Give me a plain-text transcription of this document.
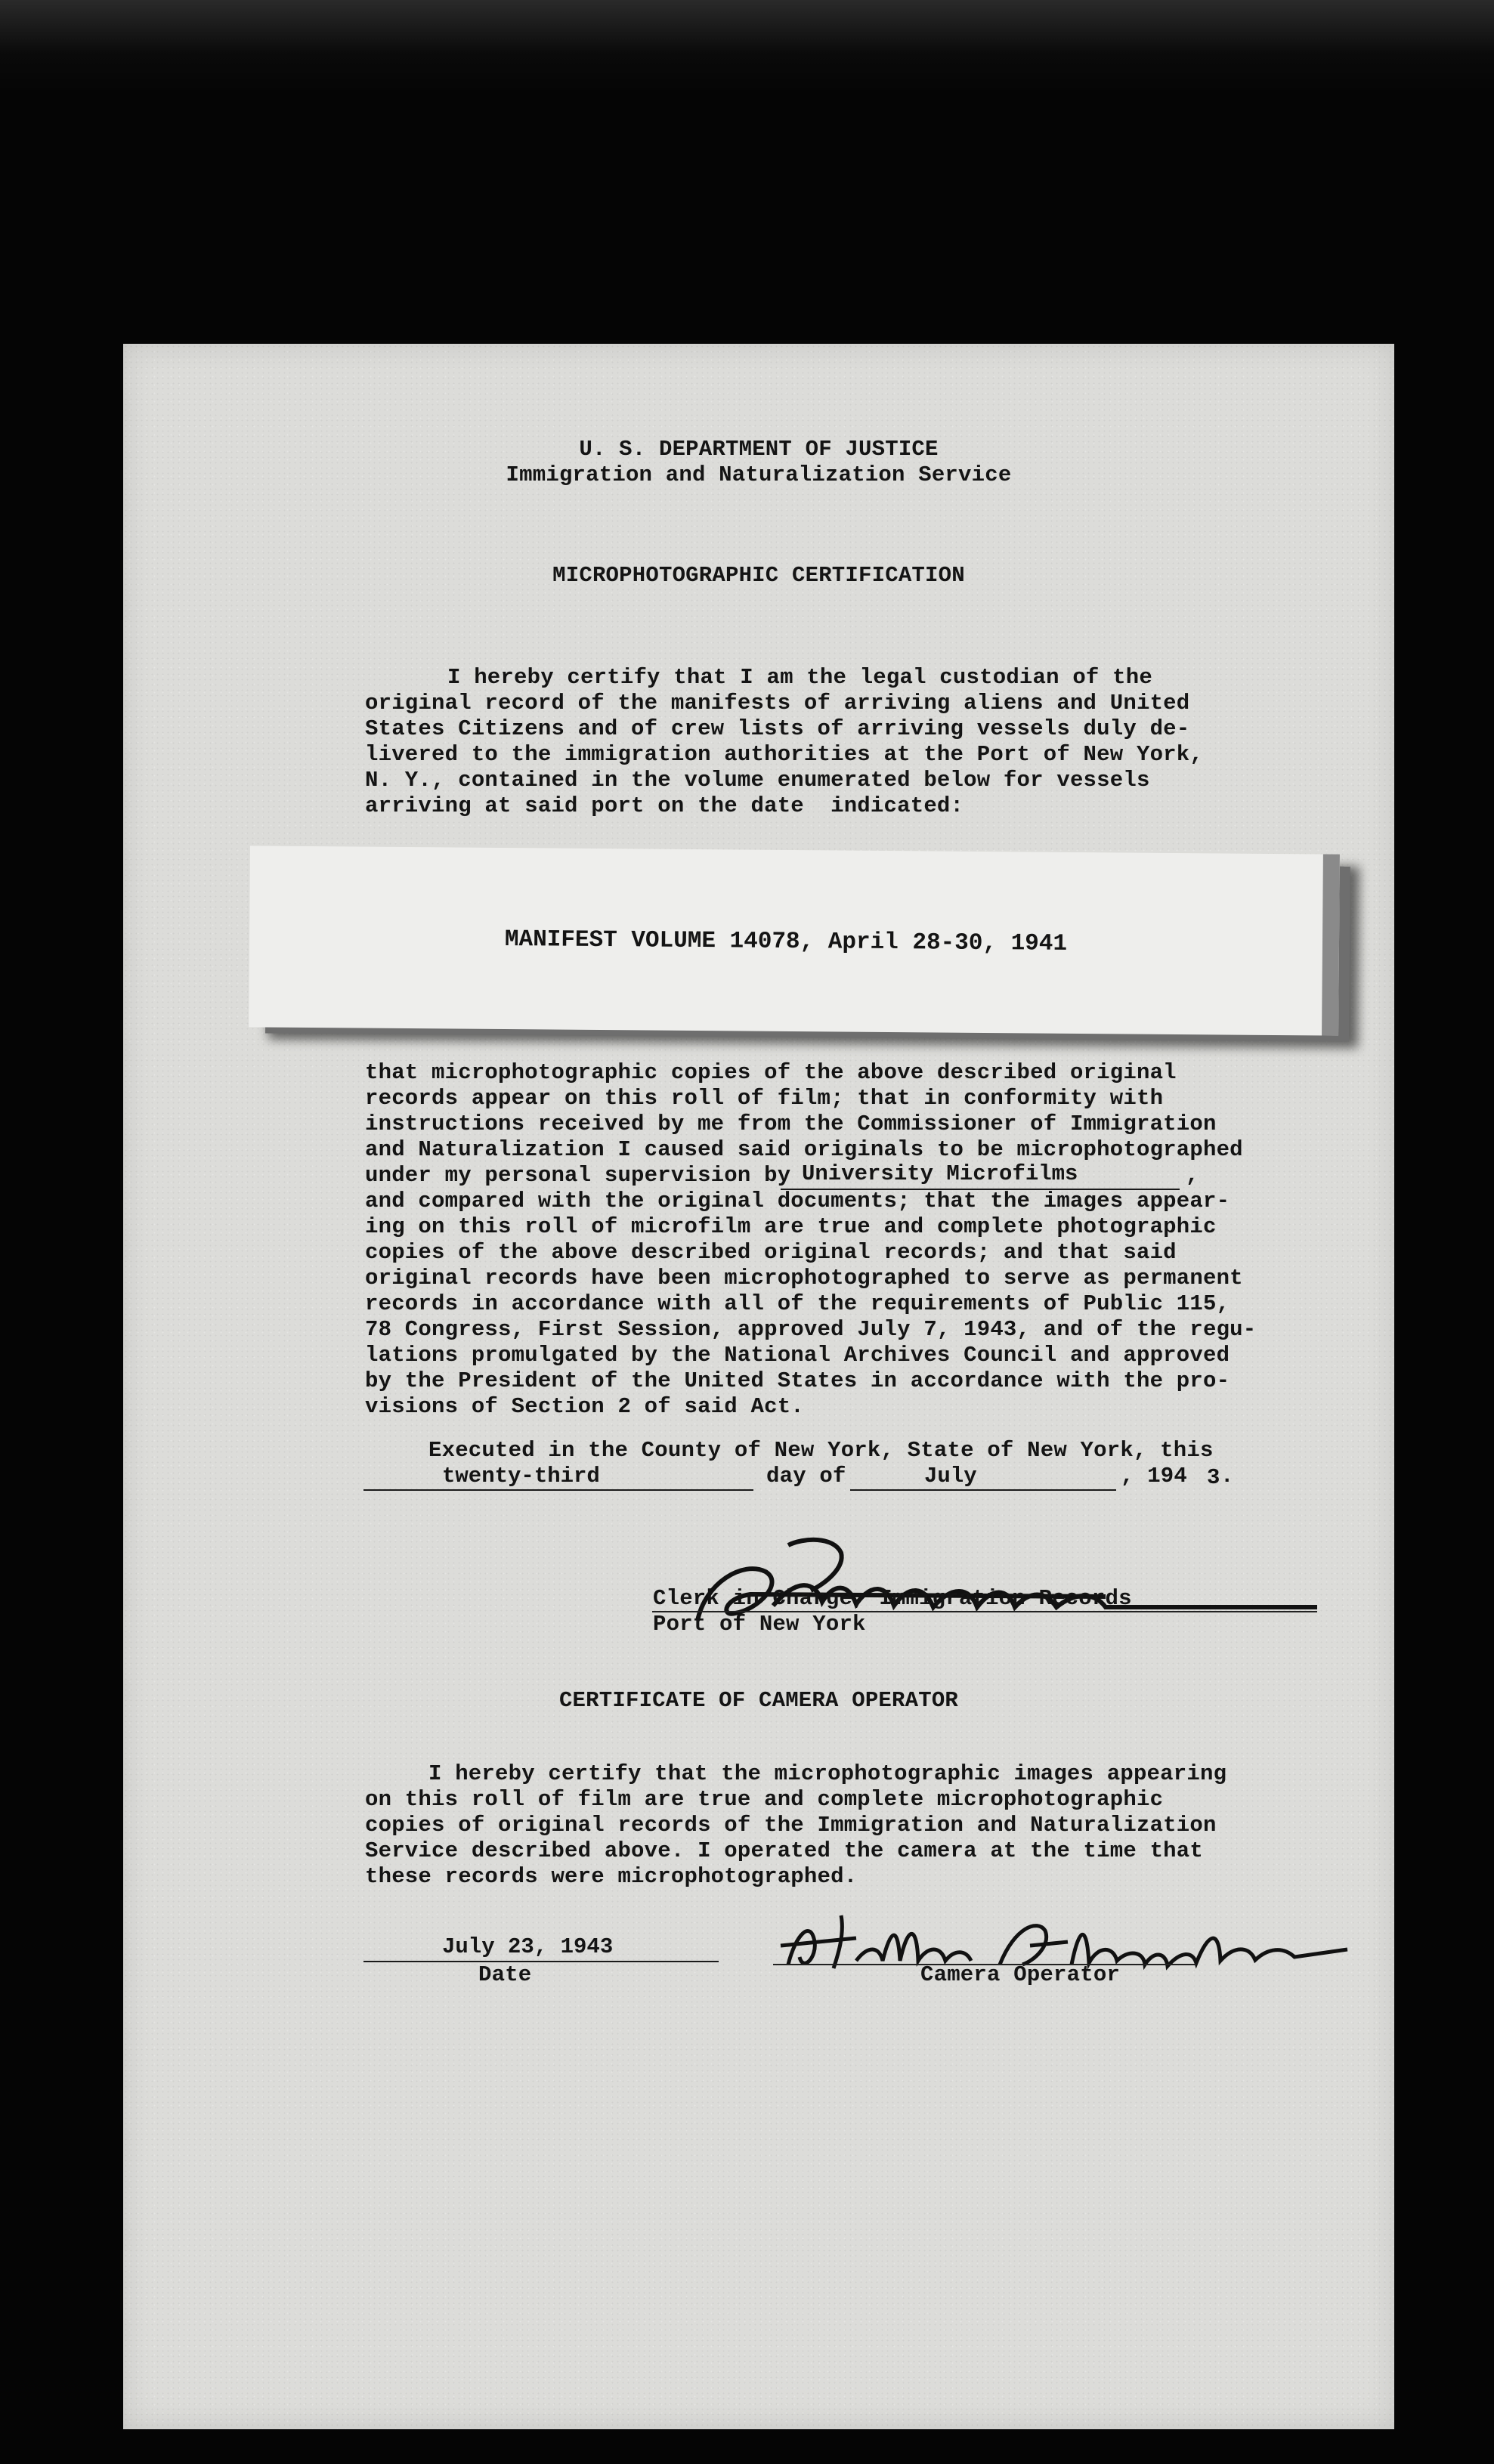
U. S. DEPARTMENT OF JUSTICE
Immigration and Naturalization Service
MICROPHOTOGRAPHIC CERTIFICATION
I hereby certify that I am the legal custodian of the
original record of the manifests of arriving aliens and United
States Citizens and of crew lists of arriving vessels duly de-
livered to the immigration authorities at the Port of New York,
N. Y., contained in the volume enumerated below for vessels
arriving at said port on the date  indicated:
MANIFEST VOLUME 14078, April 28-30, 1941
that microphotographic copies of the above described original
records appear on this roll of film; that in conformity with
instructions received by me from the Commissioner of Immigration
and Naturalization I caused said originals to be microphotographed
under my personal supervision by University Microfilms	,
and compared with the original documents; that the images appear-
ing on this roll of microfilm are true and complete photographic
copies of the above described original records; and that said
original records have been microphotographed to serve as permanent
records in accordance with all of the requirements of Public 115,
78 Congress, First Session, approved July 7, 1943, and of the regu-
lations promulgated by the National Archives Council and approved
by the President of the United States in accordance with the pro-
visions of Section 2 of said Act.
Executed in the County of New York, State of New York, this
twenty-third	day of	July	, 194 3 .
Clerk in Charge, Immigration Records
Port of New York
CERTIFICATE OF CAMERA OPERATOR
I hereby certify that the microphotographic images appearing
on this roll of film are true and complete microphotographic
copies of original records of the Immigration and Naturalization
Service described above. I operated the camera at the time that
these records were microphotographed.
July 23, 1943
Date	Camera Operator
